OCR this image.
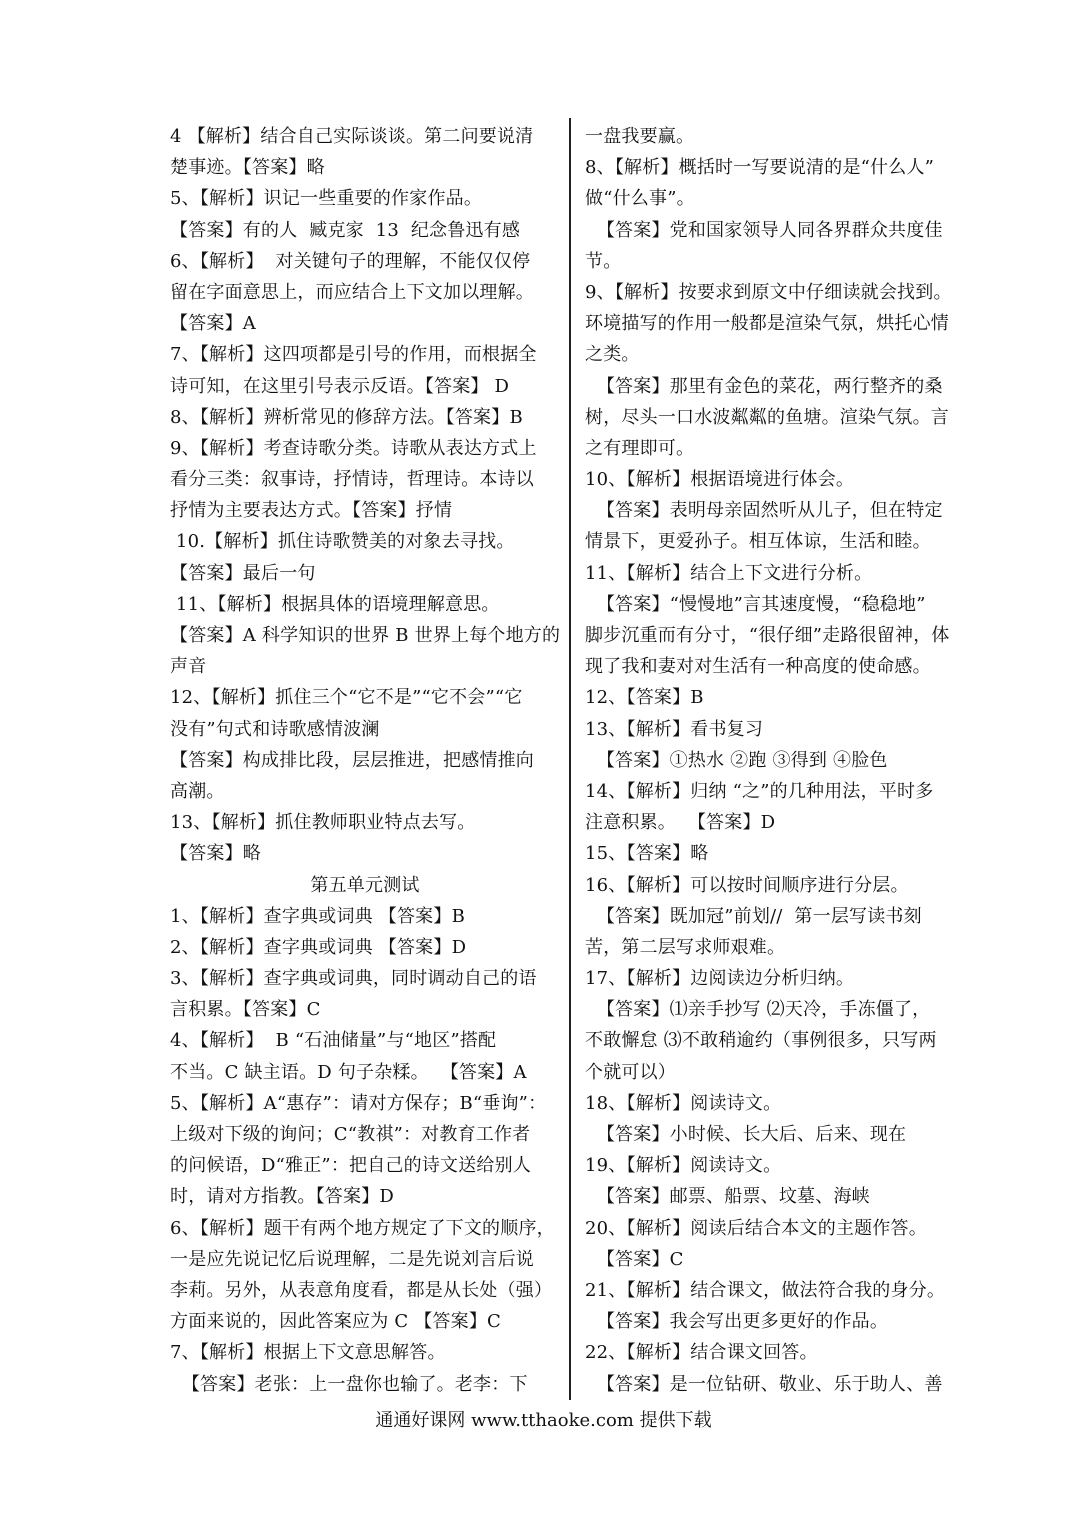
4 【解析】结合自己实际谈谈。第二问要说清
楚事迹。【答案】略
5、【解析】识记一些重要的作家作品。
【答案】有的人  臧克家  13  纪念鲁迅有感
6、【解析】  对关键句子的理解，不能仅仅停
留在字面意思上，而应结合上下文加以理解。
【答案】A
7、【解析】这四项都是引号的作用，而根据全
诗可知，在这里引号表示反语。【答案】 D
8、【解析】辨析常见的修辞方法。【答案】B
9、【解析】考查诗歌分类。诗歌从表达方式上
看分三类：叙事诗，抒情诗，哲理诗。本诗以
抒情为主要表达方式。【答案】抒情
10.【解析】抓住诗歌赞美的对象去寻找。
【答案】最后一句
11、【解析】根据具体的语境理解意思。
【答案】A 科学知识的世界 B 世界上每个地方的
声音
12、【解析】抓住三个“它不是”“它不会”“它
没有”句式和诗歌感情波澜
【答案】构成排比段，层层推进，把感情推向
高潮。
13、【解析】抓住教师职业特点去写。
【答案】略
第五单元测试
1、【解析】查字典或词典 【答案】B
2、【解析】查字典或词典 【答案】D
3、【解析】查字典或词典，同时调动自己的语
言积累。【答案】C
4、【解析】  B “石油储量”与“地区”搭配
不当。C 缺主语。D 句子杂糅。  【答案】A
5、【解析】A“惠存”：请对方保存；B“垂询”：
上级对下级的询问；C“教祺”：对教育工作者
的问候语，D“雅正”：把自己的诗文送给别人
时，请对方指教。【答案】D
6、【解析】题干有两个地方规定了下文的顺序，
一是应先说记忆后说理解，二是先说刘言后说
李莉。另外，从表意角度看，都是从长处（强）
方面来说的，因此答案应为 C 【答案】C
7、【解析】根据上下文意思解答。
【答案】老张：上一盘你也输了。老李：下
一盘我要赢。
8、【解析】概括时一写要说清的是“什么人”
做“什么事”。
【答案】党和国家领导人同各界群众共度佳
节。
9、【解析】按要求到原文中仔细读就会找到。
环境描写的作用一般都是渲染气氛，烘托心情
之类。
【答案】那里有金色的菜花，两行整齐的桑
树，尽头一口水波粼粼的鱼塘。渲染气氛。言
之有理即可。
10、【解析】根据语境进行体会。
【答案】表明母亲固然听从儿子，但在特定
情景下，更爱孙子。相互体谅，生活和睦。
11、【解析】结合上下文进行分析。
【答案】“慢慢地”言其速度慢，“稳稳地”
脚步沉重而有分寸，“很仔细”走路很留神，体
现了我和妻对对生活有一种高度的使命感。
12、【答案】B
13、【解析】看书复习
【答案】①热水 ②跑 ③得到 ④脸色
14、【解析】归纳 “之”的几种用法，平时多
注意积累。  【答案】D
15、【答案】略
16、【解析】可以按时间顺序进行分层。
【答案】既加冠”前划//  第一层写读书刻
苦，第二层写求师艰难。
17、【解析】边阅读边分析归纳。
【答案】⑴亲手抄写 ⑵天冷，手冻僵了，
不敢懈怠 ⑶不敢稍逾约（事例很多，只写两
个就可以）
18、【解析】阅读诗文。
【答案】小时候、长大后、后来、现在
19、【解析】阅读诗文。
【答案】邮票、船票、坟墓、海峡
20、【解析】阅读后结合本文的主题作答。
【答案】C
21、【解析】结合课文，做法符合我的身分。
【答案】我会写出更多更好的作品。
22、【解析】结合课文回答。
【答案】是一位钻研、敬业、乐于助人、善
通通好课网 www.tthaoke.com 提供下载
